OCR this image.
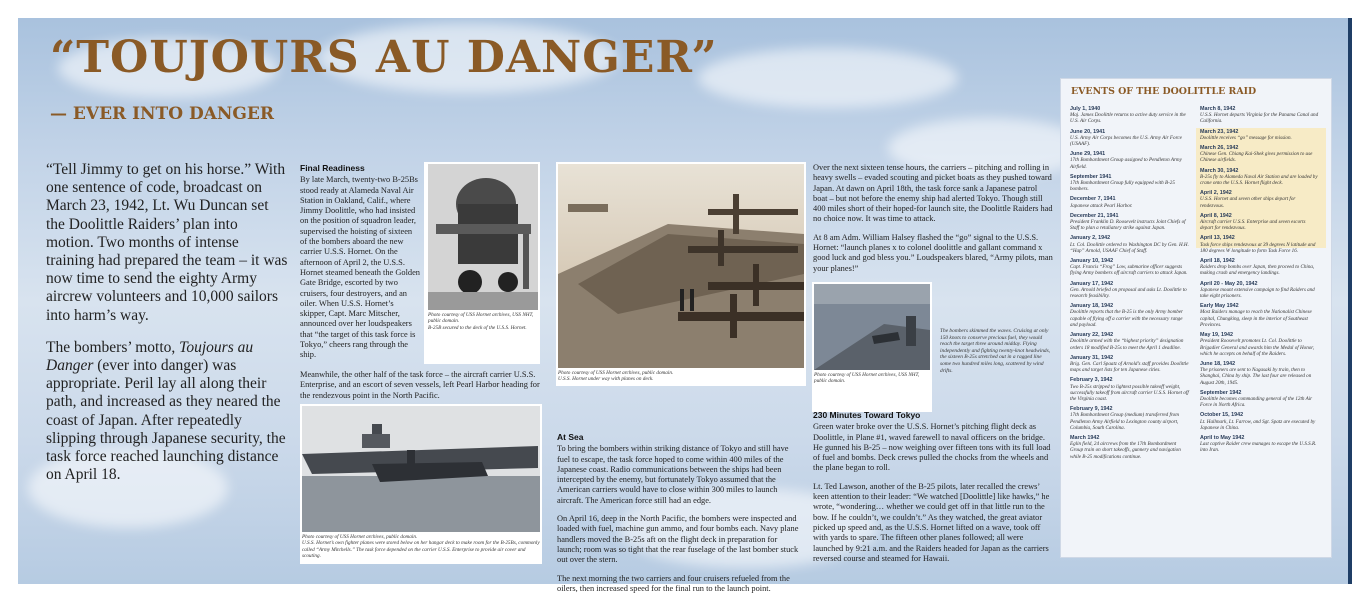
“TOUJOURS AU DANGER”
— EVER INTO DANGER

“Tell Jimmy to get on his horse.” With one sentence of code, broadcast on March 23, 1942, Lt. Wu Duncan set the Doolittle Raiders’ plan into motion. Two months of intense training had prepared the team – it was now time to send the eighty Army aircrew volunteers and 10,000 sailors into harm’s way.

The bombers’ motto, Toujours au Danger (ever into danger) was appropriate. Peril lay all along their path, and increased as they neared the coast of Japan. After repeatedly slipping through Japanese security, the task force reached launching distance on April 18.

Final Readiness

By late March, twenty-two B-25Bs stood ready at Alameda Naval Air Station in Oakland, Calif., where Jimmy Doolittle, who had insisted on the position of squadron leader, supervised the hoisting of sixteen of the bombers aboard the new carrier U.S.S. Hornet. On the afternoon of April 2, the U.S.S. Hornet steamed beneath the Golden Gate Bridge, escorted by two cruisers, four destroyers, and an oiler. When U.S.S. Hornet’s skipper, Capt. Marc Mitscher, announced over her loudspeakers that “the target of this task force is Tokyo,” cheers rang through the ship.

Meanwhile, the other half of the task force – the aircraft carrier U.S.S. Enterprise, and an escort of seven vessels, left Pearl Harbor heading for the rendezvous point in the North Pacific.

Photo courtesy of USS Hornet archives, USS NHT, public domain.
B-25B secured to the deck of the U.S.S. Hornet.
Photo courtesy of USS Hornet archives, public domain.
U.S.S. Hornet under way with planes on deck.
Photo courtesy of USS Hornet archives, public domain.
U.S.S. Hornet’s own fighter planes were stored below on her hangar deck to make room for the B-25Bs, commonly called “Army Mitchells.” The task force depended on the carrier U.S.S. Enterprise to provide air cover and scouting.
At Sea

To bring the bombers within striking distance of Tokyo and still have fuel to escape, the task force hoped to come within 400 miles of the Japanese coast. Radio communications between the ships had been intercepted by the enemy, but fortunately Tokyo assumed that the American carriers would have to close within 300 miles to launch aircraft. The American force still had an edge.

On April 16, deep in the North Pacific, the bombers were inspected and loaded with fuel, machine gun ammo, and four bombs each. Navy plane handlers moved the B-25s aft on the flight deck in preparation for launch; room was so tight that the rear fuselage of the last bomber stuck out over the stern.

The next morning the two carriers and four cruisers refueled from the oilers, then increased speed for the final run to the launch point.

Over the next sixteen tense hours, the carriers – pitching and rolling in heavy swells – evaded scouting and picket boats as they pushed toward Japan. At dawn on April 18th, the task force sank a Japanese patrol boat – but not before the enemy ship had alerted Tokyo. Though still 400 miles short of their hoped-for launch site, the Doolittle Raiders had no choice now. It was time to attack.

At 8 am Adm. William Halsey flashed the “go” signal to the U.S.S. Hornet: “launch planes x to colonel doolittle and gallant command x good luck and god bless you.” Loudspeakers blared, “Army pilots, man your planes!”

Photo courtesy of USS Hornet archives, USS NHT, public domain.
The bombers skimmed the waves. Cruising at only 150 knots to conserve precious fuel, they would reach the target three around midday. Flying independently and fighting twenty-knot headwinds, the sixteen B-25s stretched out in a ragged line some two hundred miles long, scattered by wind drifts.
230 Minutes Toward Tokyo

Green water broke over the U.S.S. Hornet’s pitching flight deck as Doolittle, in Plane #1, waved farewell to naval officers on the bridge. He gunned his B-25 – now weighing over fifteen tons with its full load of fuel and bombs. Deck crews pulled the chocks from the wheels and the plane began to roll.

Lt. Ted Lawson, another of the B-25 pilots, later recalled the crews’ keen attention to their leader: “We watched [Doolittle] like hawks,” he wrote, “wondering… whether we could get off in that little run to the bow. If he couldn’t, we couldn’t.” As they watched, the great aviator picked up speed and, as the U.S.S. Hornet lifted on a wave, took off with yards to spare. The fifteen other planes followed; all were launched by 9:21 a.m. and the Raiders headed for Japan as the carriers reversed course and steamed for Hawaii.

EVENTS OF THE DOOLITTLE RAID
July 1, 1940
Maj. James Doolittle returns to active duty service in the U.S. Air Corps.
June 20, 1941
U.S. Army Air Corps becomes the U.S. Army Air Force (USAAF).
June 29, 1941
17th Bombardment Group assigned to Pendleton Army Airfield.
September 1941
17th Bombardment Group fully equipped with B-25 bombers.
December 7, 1941
Japanese attack Pearl Harbor.
December 21, 1941
President Franklin D. Roosevelt instructs Joint Chiefs of Staff to plan a retaliatory strike against Japan.
January 2, 1942
Lt. Col. Doolittle ordered to Washington DC by Gen. H.H. “Hap” Arnold, USAAF Chief of Staff.
January 10, 1942
Capt. Francis “Frog” Low, submarine officer suggests flying Army bombers off aircraft carriers to attack Japan.
January 17, 1942
Gen. Arnold briefed on proposal and asks Lt. Doolittle to research feasibility.
January 18, 1942
Doolittle reports that the B-25 is the only Army bomber capable of flying off a carrier with the necessary range and payload.
January 22, 1942
Doolittle armed with the “highest priority” designation orders 18 modified B-25s to meet the April 1 deadline.
January 31, 1942
Brig. Gen. Carl Spaatz of Arnold’s staff provides Doolittle maps and target lists for ten Japanese cities.
February 3, 1942
Two B-25s stripped to lightest possible takeoff weight, successfully takeoff from aircraft carrier U.S.S. Hornet off the Virginia coast.
February 9, 1942
17th Bombardment Group (medium) transferred from Pendleton Army Airfield to Lexington county airport, Columbia, South Carolina.
March 1942
Eglin field, 24 aircrews from the 17th Bombardment Group train on short takeoffs, gunnery and navigation while B-25 modifications continue.
March 8, 1942
U.S.S. Hornet departs Virginia for the Panama Canal and California.
March 23, 1942
Doolittle receives “go” message for mission.
March 26, 1942
Chinese Gen. Chiang Kai-Shek gives permission to use Chinese airfields.
March 30, 1942
B-25s fly to Alameda Naval Air Station and are loaded by crane onto the U.S.S. Hornet flight deck.
April 2, 1942
U.S.S. Hornet and seven other ships depart for rendezvous.
April 8, 1942
Aircraft carrier U.S.S. Enterprise and seven escorts depart for rendezvous.
April 13, 1942
Task force ships rendezvous at 39 degrees N latitude and 180 degrees W longitude to form Task Force 16.
April 18, 1942
Raiders drop bombs over Japan, then proceed to China, making crash and emergency landings.
April 20 - May 20, 1942
Japanese mount extensive campaign to find Raiders and take eight prisoners.
Early May 1942
Most Raiders manage to reach the Nationalist Chinese capital, Chungking, sleep in the interior of Southeast Provinces.
May 19, 1942
President Roosevelt promotes Lt. Col. Doolittle to Brigadier General and awards him the Medal of Honor, which he accepts on behalf of the Raiders.
June 18, 1942
The prisoners are sent to Nagasaki by train, then to Shanghai, China by ship. The last four are released on August 20th, 1945.
September 1942
Doolittle becomes commanding general of the 12th Air Force in North Africa.
October 15, 1942
Lt. Hallmark, Lt. Farrow, and Sgt. Spatz are executed by Japanese in China.
April to May 1942
Last captive Raider crew manages to escape the U.S.S.R. into Iran.
